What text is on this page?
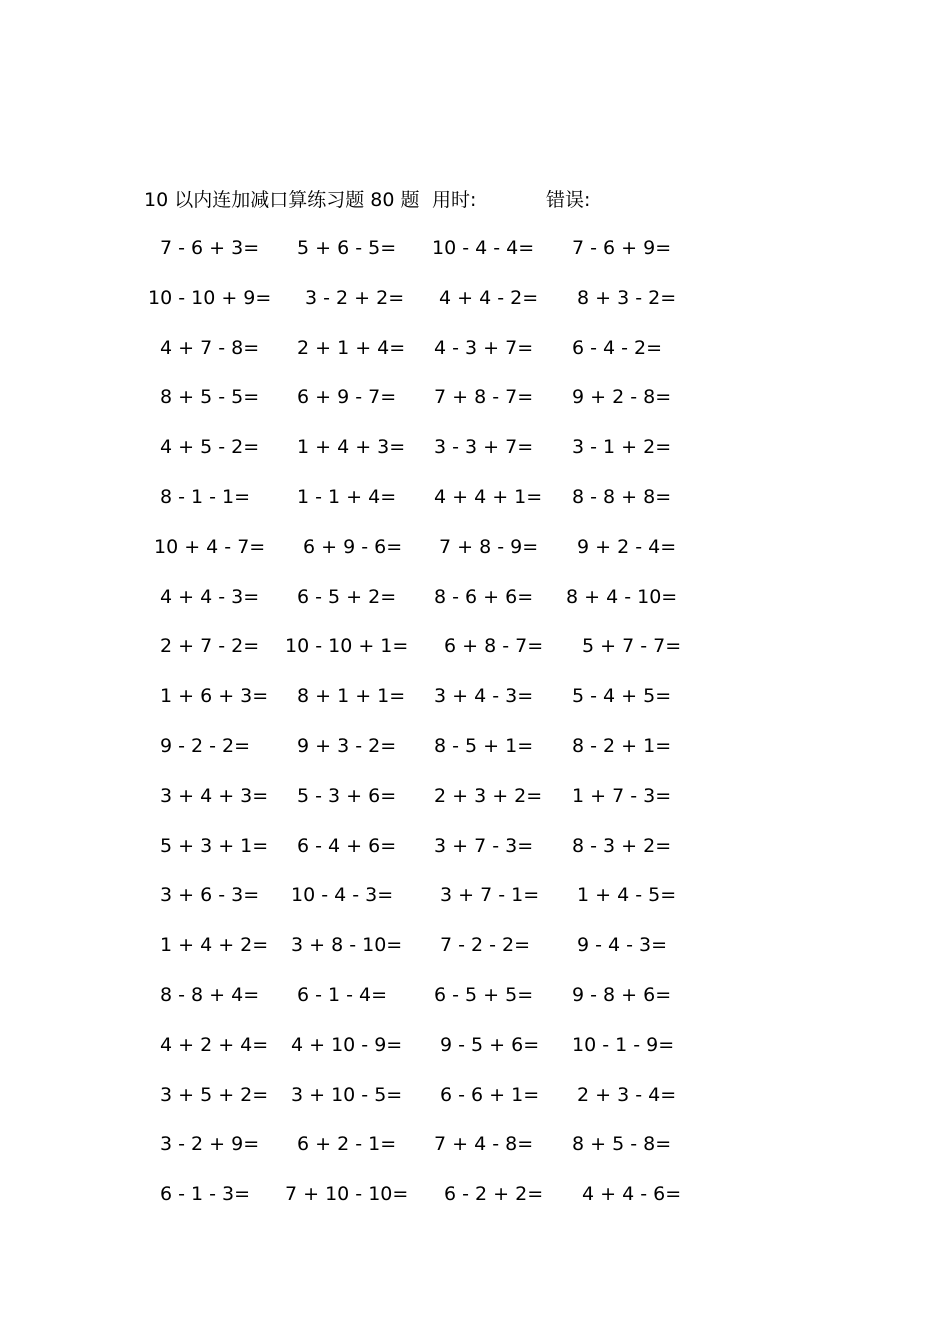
10 以内连加减口算练习题 80 题 用时:	错误:
7 - 6 + 3= 5 + 6 - 5= 10 - 4 - 4= 7 - 6 + 9=
10 - 10 + 9= 3 - 2 + 2= 4 + 4 - 2= 8 + 3 - 2=
4 + 7 - 8= 2 + 1 + 4= 4 - 3 + 7= 6 - 4 - 2=
8 + 5 - 5= 6 + 9 - 7= 7 + 8 - 7= 9 + 2 - 8=
4 + 5 - 2= 1 + 4 + 3= 3 - 3 + 7= 3 - 1 + 2=
8 - 1 - 1= 1 - 1 + 4= 4 + 4 + 1= 8 - 8 + 8=
10 + 4 - 7= 6 + 9 - 6= 7 + 8 - 9= 9 + 2 - 4=
4 + 4 - 3= 6 - 5 + 2= 8 - 6 + 6= 8 + 4 - 10=
2 + 7 - 2= 10 - 10 + 1= 6 + 8 - 7= 5 + 7 - 7=
1 + 6 + 3= 8 + 1 + 1= 3 + 4 - 3= 5 - 4 + 5=
9 - 2 - 2= 9 + 3 - 2= 8 - 5 + 1= 8 - 2 + 1=
3 + 4 + 3= 5 - 3 + 6= 2 + 3 + 2= 1 + 7 - 3=
5 + 3 + 1= 6 - 4 + 6= 3 + 7 - 3= 8 - 3 + 2=
3 + 6 - 3= 10 - 4 - 3= 3 + 7 - 1= 1 + 4 - 5=
1 + 4 + 2= 3 + 8 - 10= 7 - 2 - 2= 9 - 4 - 3=
8 - 8 + 4= 6 - 1 - 4= 6 - 5 + 5= 9 - 8 + 6=
4 + 2 + 4= 4 + 10 - 9= 9 - 5 + 6= 10 - 1 - 9=
3 + 5 + 2= 3 + 10 - 5= 6 - 6 + 1= 2 + 3 - 4=
3 - 2 + 9= 6 + 2 - 1= 7 + 4 - 8= 8 + 5 - 8=
6 - 1 - 3= 7 + 10 - 10= 6 - 2 + 2= 4 + 4 - 6=
